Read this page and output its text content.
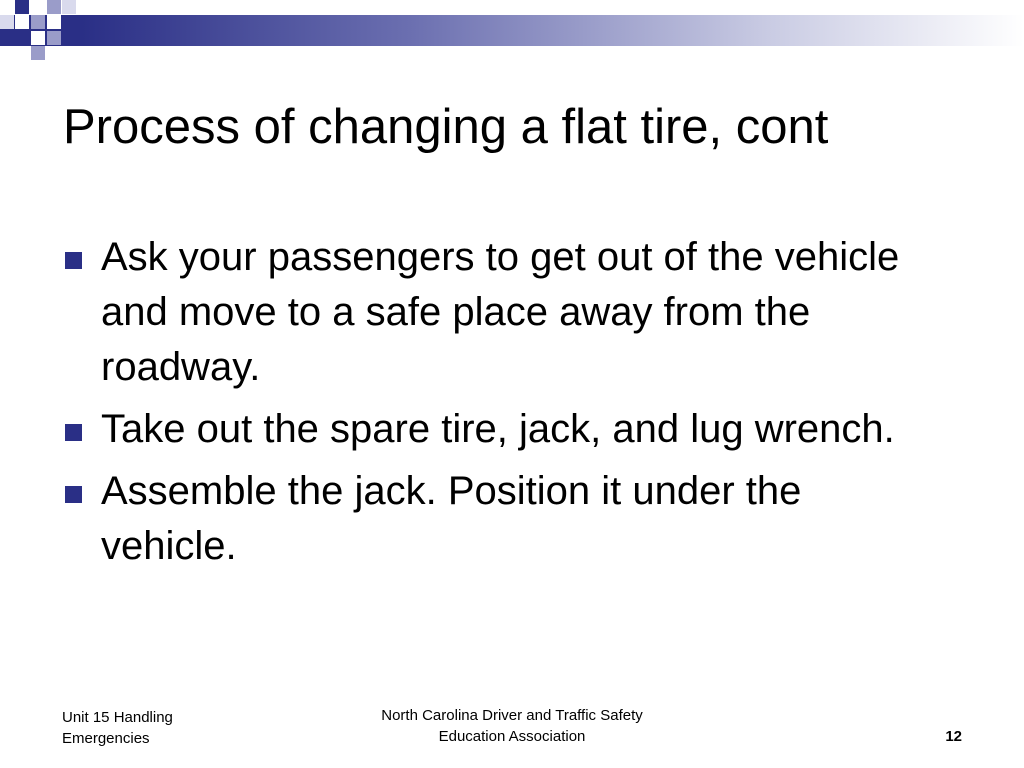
Process of changing a flat tire, cont
Ask your passengers to get out of the vehicle and move to a safe place away from the roadway.
Take out the spare tire, jack, and lug wrench.
Assemble the jack. Position it under the vehicle.
Unit 15 Handling
Emergencies
North Carolina Driver and Traffic Safety
Education Association	12
